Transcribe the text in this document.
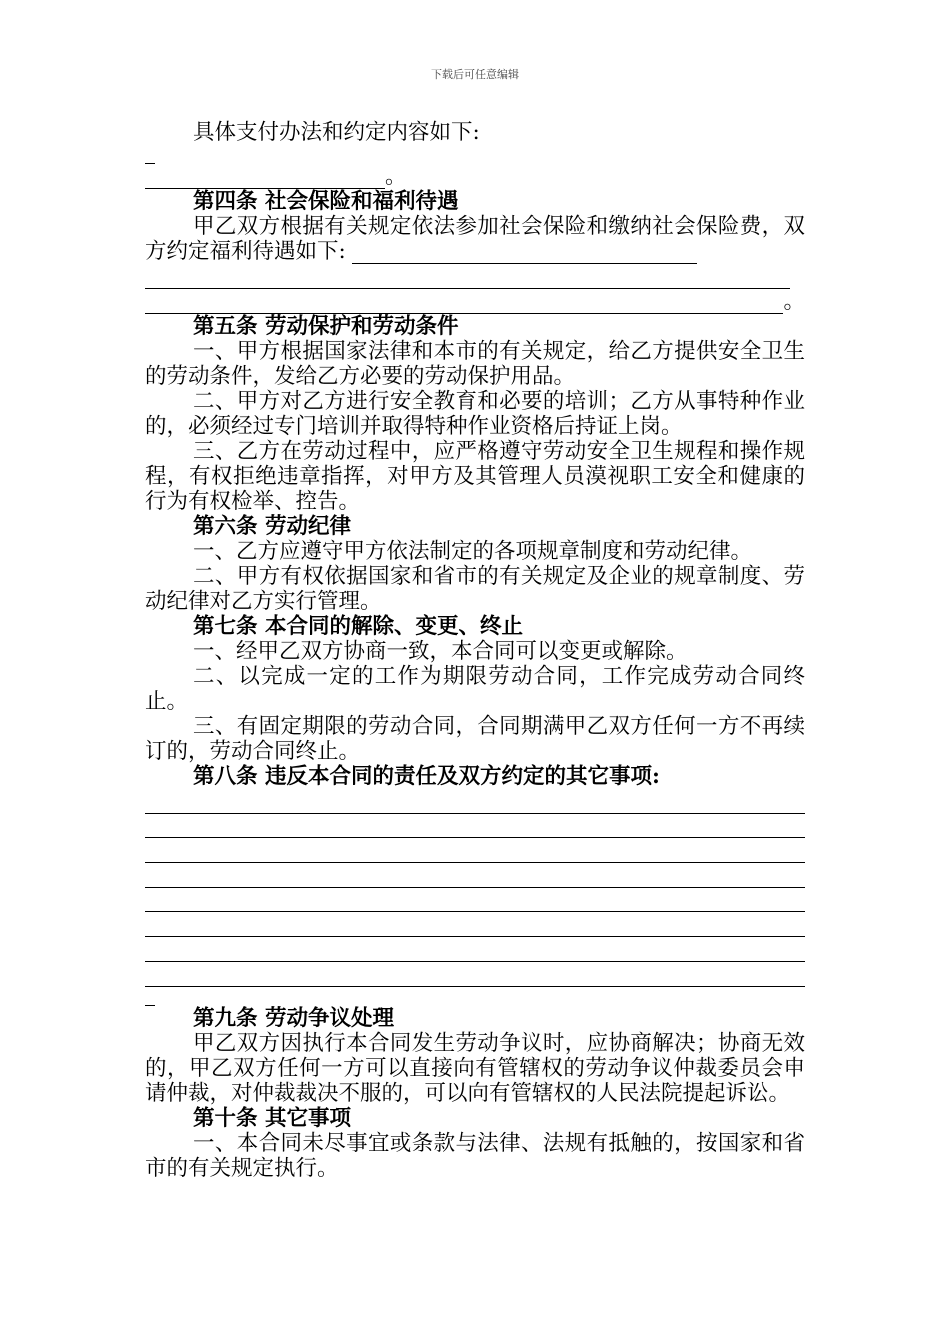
下载后可任意编辑

具体支付办法和约定内容如下:

。

第四条 社会保险和福利待遇

甲乙双方根据有关规定依法参加社会保险和缴纳社会保险费，双方约定福利待遇如下:

。

第五条 劳动保护和劳动条件

一、甲方根据国家法律和本市的有关规定，给乙方提供安全卫生的劳动条件，发给乙方必要的劳动保护用品。

二、甲方对乙方进行安全教育和必要的培训；乙方从事特种作业的，必须经过专门培训并取得特种作业资格后持证上岗。

三、乙方在劳动过程中，应严格遵守劳动安全卫生规程和操作规程，有权拒绝违章指挥，对甲方及其管理人员漠视职工安全和健康的行为有权检举、控告。

第六条 劳动纪律

一、乙方应遵守甲方依法制定的各项规章制度和劳动纪律。

二、甲方有权依据国家和省市的有关规定及企业的规章制度、劳动纪律对乙方实行管理。

第七条 本合同的解除、变更、终止

一、经甲乙双方协商一致，本合同可以变更或解除。

二、以完成一定的工作为期限劳动合同，工作完成劳动合同终止。

三、有固定期限的劳动合同，合同期满甲乙双方任何一方不再续订的，劳动合同终止。

第八条 违反本合同的责任及双方约定的其它事项:

第九条 劳动争议处理

甲乙双方因执行本合同发生劳动争议时，应协商解决；协商无效的，甲乙双方任何一方可以直接向有管辖权的劳动争议仲裁委员会申请仲裁，对仲裁裁决不服的，可以向有管辖权的人民法院提起诉讼。

第十条 其它事项

一、本合同未尽事宜或条款与法律、法规有抵触的，按国家和省市的有关规定执行。
